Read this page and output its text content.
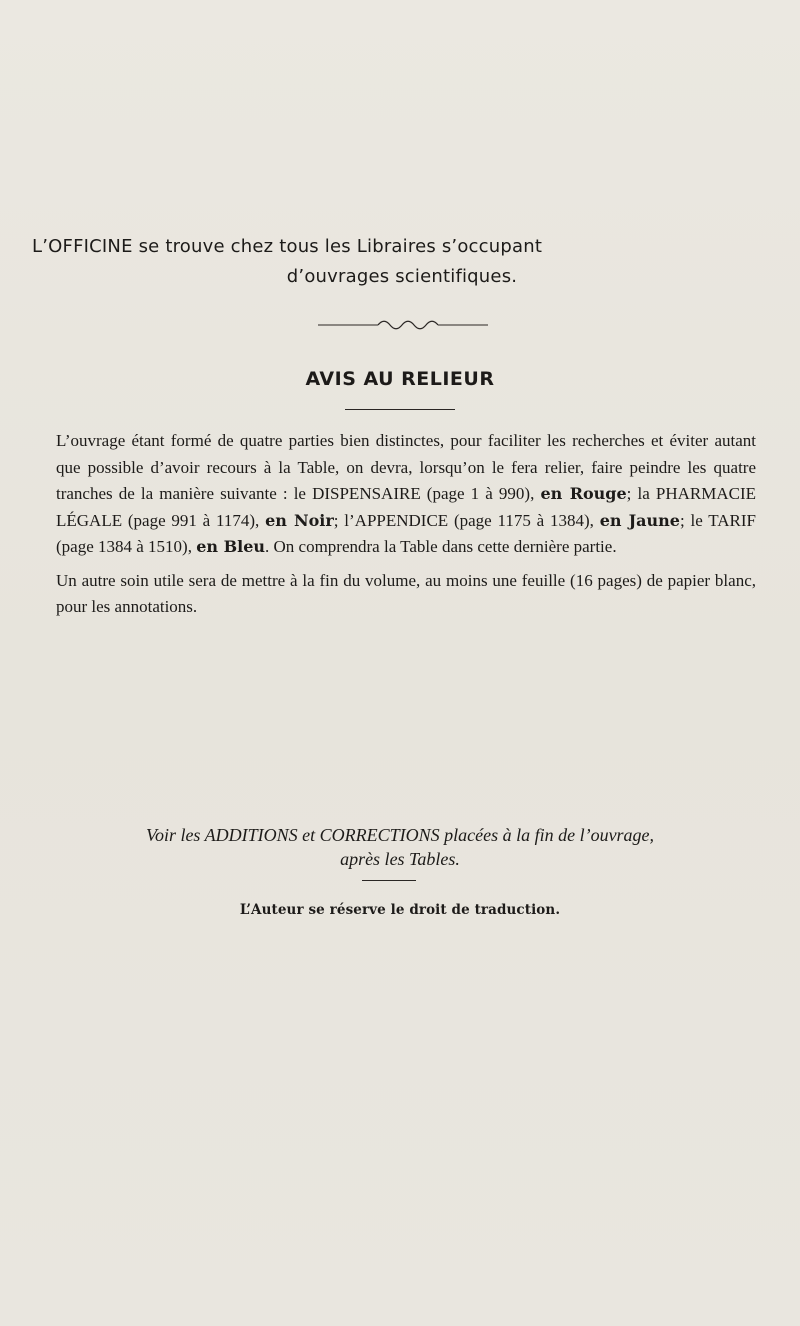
L’OFFICINE se trouve chez tous les Libraires s’occupant
d’ouvrages scientifiques.
AVIS AU RELIEUR

L’ouvrage étant formé de quatre parties bien distinctes, pour faciliter les recherches et éviter autant que possible d’avoir recours à la Table, on devra, lorsqu’on le fera relier, faire peindre les quatre tranches de la manière suivante : le DISPENSAIRE (page 1 à 990), en Rouge; la PHARMACIE LÉGALE (page 991 à 1174), en Noir; l’APPENDICE (page 1175 à 1384), en Jaune; le TARIF (page 1384 à 1510), en Bleu. On comprendra la Table dans cette dernière partie.

Un autre soin utile sera de mettre à la fin du volume, au moins une feuille (16 pages) de papier blanc, pour les annotations.

Voir les ADDITIONS et CORRECTIONS placées à la fin de l’ouvrage,
après les Tables.
L’Auteur se réserve le droit de traduction.
